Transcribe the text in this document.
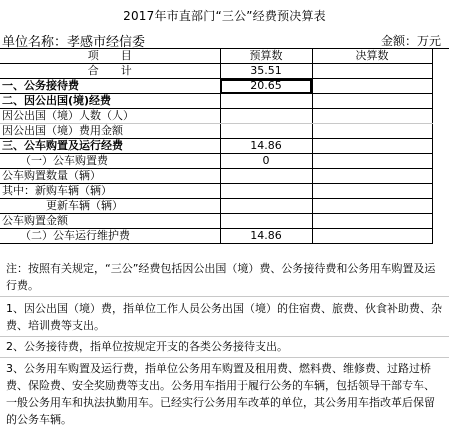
2017年市直部门“三公”经费预决算表
单位名称：孝感市经信委	金额：万元
项　　目	预算数	决算数
合　　计	35.51	
一、公务接待费	20.65	
二、因公出国(境)经费		
因公出国（境）人数（人）		
因公出国（境）费用金额		
三、公车购置及运行经费	14.86	
（一）公车购置费	0	
公车购置数量（辆）		
其中：新购车辆（辆）		
更新车辆（辆）		
公车购置金额		
（二）公车运行维护费	14.86	
注：按照有关规定，“三公”经费包括因公出国（境）费、公务接待费和公务用车购置及运行费。
1、因公出国（境）费，指单位工作人员公务出国（境）的住宿费、旅费、伙食补助费、杂费、培训费等支出。
2、公务接待费，指单位按规定开支的各类公务接待支出。
3、公务用车购置及运行费，指单位公务用车购置及租用费、燃料费、维修费、过路过桥费、保险费、安全奖励费等支出。公务用车指用于履行公务的车辆，包括领导干部专车、一般公务用车和执法执勤用车。已经实行公务用车改革的单位，其公务用车指改革后保留的公务车辆。
